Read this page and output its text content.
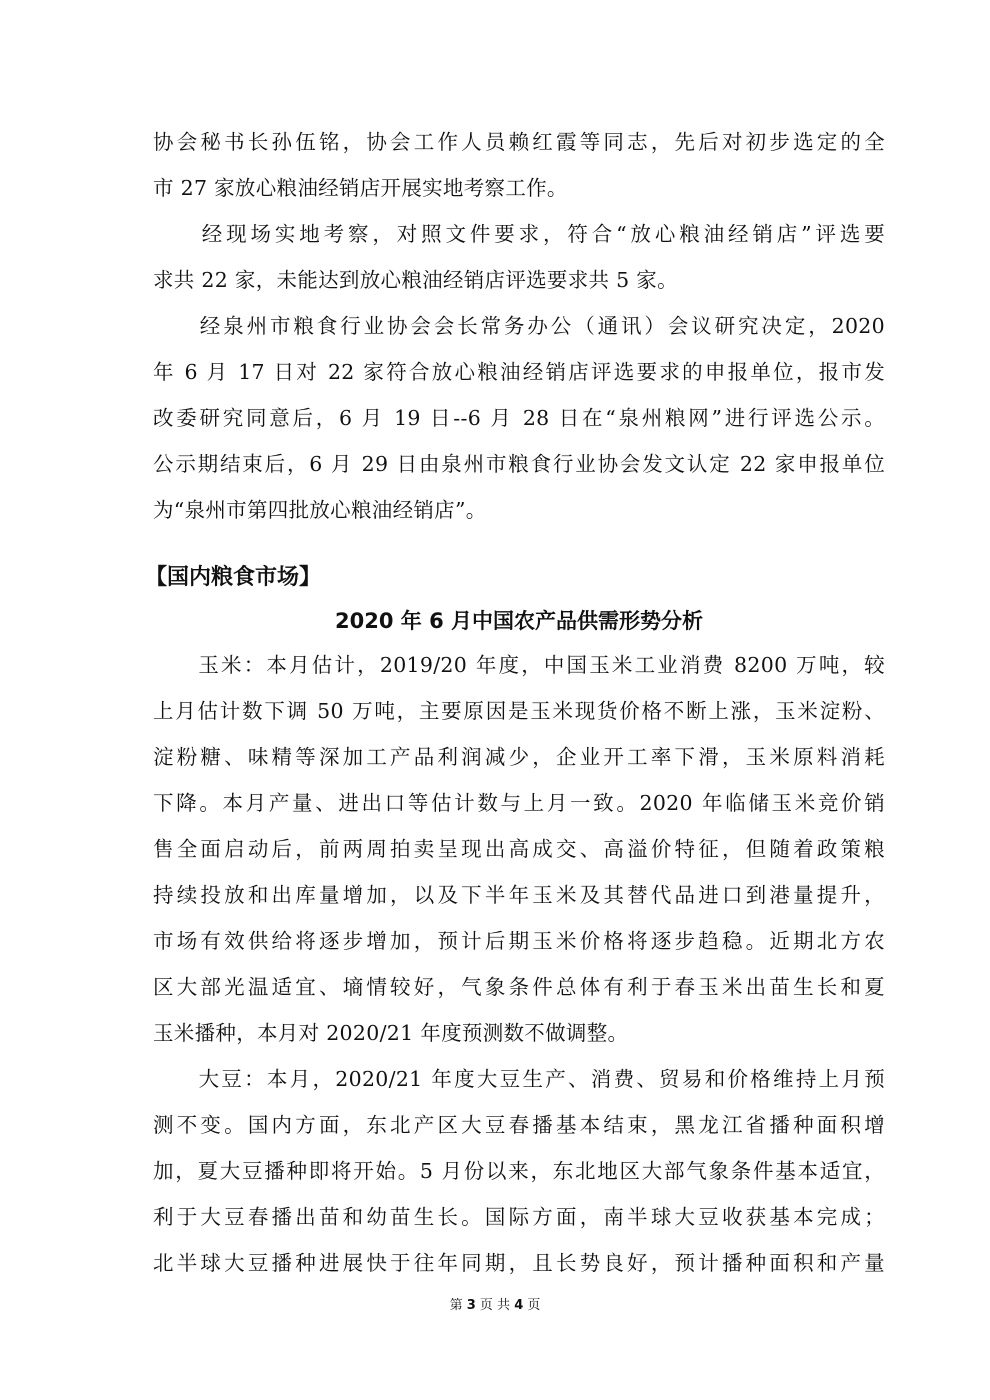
协会秘书长孙伍铭，协会工作人员赖红霞等同志，先后对初步选定的全
市 27 家放心粮油经销店开展实地考察工作。
　　经现场实地考察，对照文件要求，符合“放心粮油经销店”评选要
求共 22 家，未能达到放心粮油经销店评选要求共 5 家。
　　经泉州市粮食行业协会会长常务办公（通讯）会议研究决定，2020
年 6 月 17 日对 22 家符合放心粮油经销店评选要求的申报单位，报市发
改委研究同意后，6 月 19 日--6 月 28 日在“泉州粮网”进行评选公示。
公示期结束后，6 月 29 日由泉州市粮食行业协会发文认定 22 家申报单位
为“泉州市第四批放心粮油经销店”。
【国内粮食市场】
2020 年 6 月中国农产品供需形势分析
　　玉米：本月估计，2019/20 年度，中国玉米工业消费 8200 万吨，较
上月估计数下调 50 万吨，主要原因是玉米现货价格不断上涨，玉米淀粉、
淀粉糖、味精等深加工产品利润减少，企业开工率下滑，玉米原料消耗
下降。本月产量、进出口等估计数与上月一致。2020 年临储玉米竞价销
售全面启动后，前两周拍卖呈现出高成交、高溢价特征，但随着政策粮
持续投放和出库量增加，以及下半年玉米及其替代品进口到港量提升，
市场有效供给将逐步增加，预计后期玉米价格将逐步趋稳。近期北方农
区大部光温适宜、墒情较好，气象条件总体有利于春玉米出苗生长和夏
玉米播种，本月对 2020/21 年度预测数不做调整。
　　大豆：本月，2020/21 年度大豆生产、消费、贸易和价格维持上月预
测不变。国内方面，东北产区大豆春播基本结束，黑龙江省播种面积增
加，夏大豆播种即将开始。5 月份以来，东北地区大部气象条件基本适宜，
利于大豆春播出苗和幼苗生长。国际方面，南半球大豆收获基本完成；
北半球大豆播种进展快于往年同期，且长势良好，预计播种面积和产量
第 3 页 共 4 页
